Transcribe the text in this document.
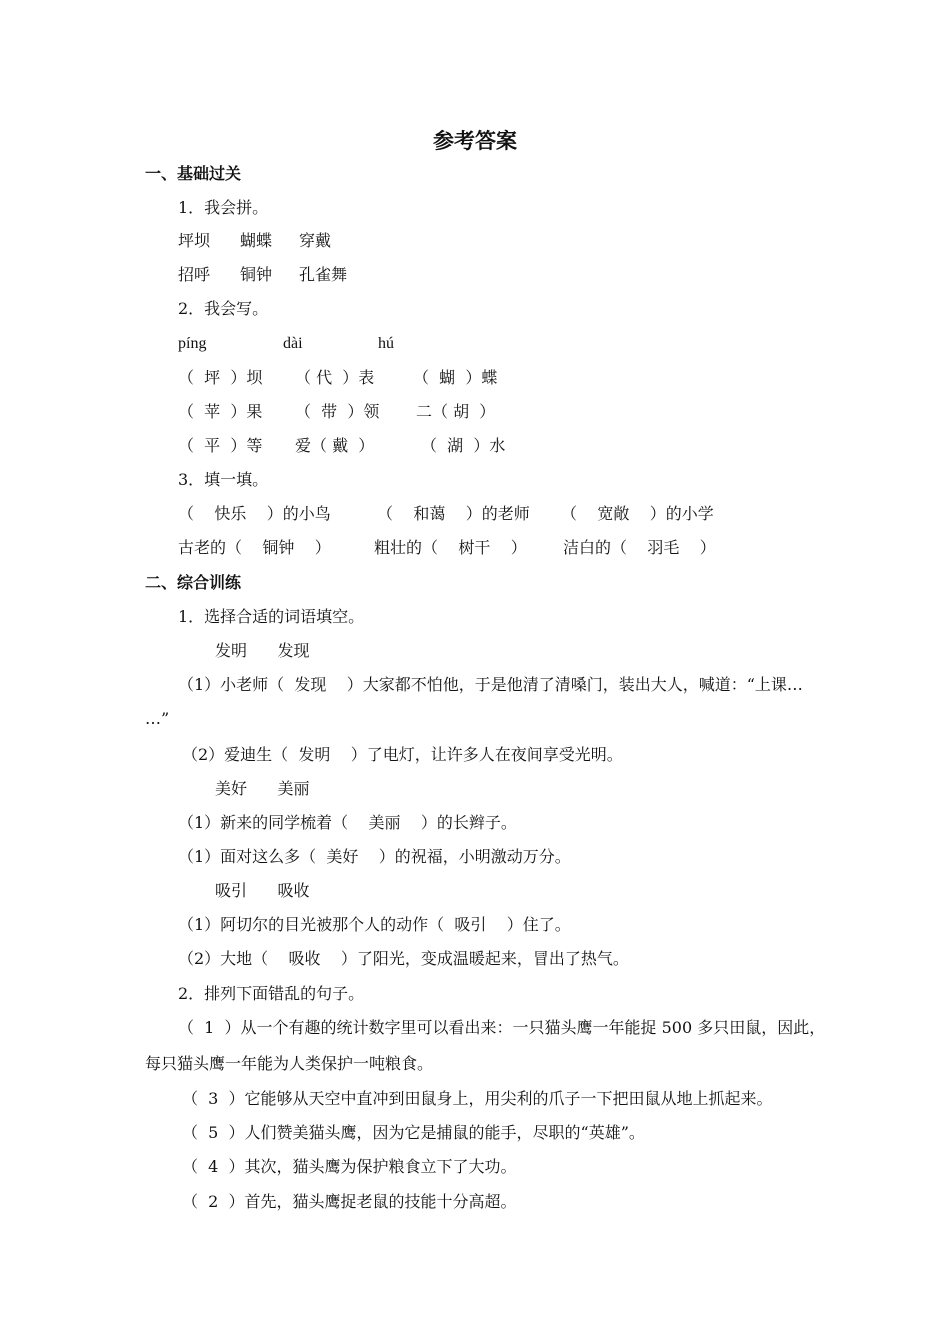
参考答案
一、基础过关
1．我会拼。
坪坝 蝴蝶 穿戴
招呼 铜钟 孔雀舞
2．我会写。
píng	dài	hú
（  坪  ）坝 （ 代  ）表 （  蝴  ）蝶
（  苹  ）果 （  带  ）领 二（ 胡  ）
（  平  ）等 爱（ 戴  ）	（  湖  ）水
3．填一填。
（    快乐    ）的小鸟	（    和蔼    ）的老师 （    宽敞    ）的小学
古老的（    铜钟    ）	粗壮的（    树干    ） 洁白的（    羽毛    ）
二、综合训练
1．选择合适的词语填空。
发明      发现
（1）小老师（  发现    ）大家都不怕他，于是他清了清嗓门，装出大人，喊道：“上课…
…”
（2）爱迪生（  发明    ）了电灯，让许多人在夜间享受光明。
美好      美丽
（1）新来的同学梳着（    美丽    ）的长辫子。
（1）面对这么多（  美好    ）的祝福，小明激动万分。
吸引      吸收
（1）阿切尔的目光被那个人的动作（  吸引    ）住了。
（2）大地（    吸收    ）了阳光，变成温暖起来，冒出了热气。
2．排列下面错乱的句子。
（  1  ）从一个有趣的统计数字里可以看出来：一只猫头鹰一年能捉 500 多只田鼠，因此，
每只猫头鹰一年能为人类保护一吨粮食。
（  3  ）它能够从天空中直冲到田鼠身上，用尖利的爪子一下把田鼠从地上抓起来。
（  5  ）人们赞美猫头鹰，因为它是捕鼠的能手，尽职的“英雄”。
（  4  ）其次，猫头鹰为保护粮食立下了大功。
（  2  ）首先，猫头鹰捉老鼠的技能十分高超。
